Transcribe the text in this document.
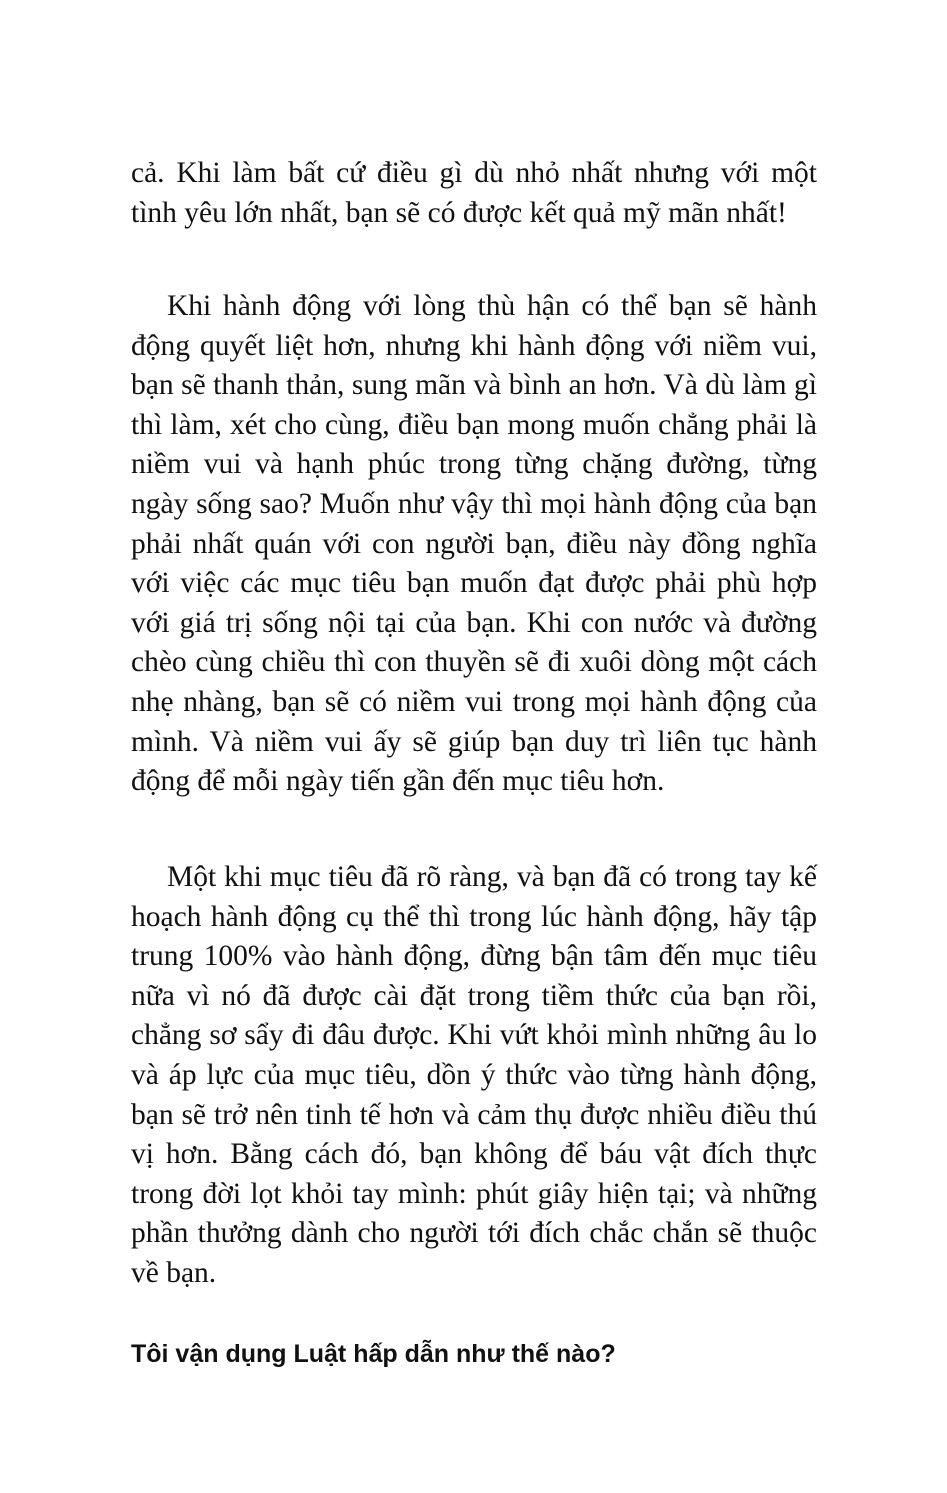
cả. Khi làm bất cứ điều gì dù nhỏ nhất nhưng với một tình yêu lớn nhất, bạn sẽ có được kết quả mỹ mãn nhất!

Khi hành động với lòng thù hận có thể bạn sẽ hành động quyết liệt hơn, nhưng khi hành động với niềm vui, bạn sẽ thanh thản, sung mãn và bình an hơn. Và dù làm gì thì làm, xét cho cùng, điều bạn mong muốn chẳng phải là niềm vui và hạnh phúc trong từng chặng đường, từng ngày sống sao? Muốn như vậy thì mọi hành động của bạn phải nhất quán với con người bạn, điều này đồng nghĩa với việc các mục tiêu bạn muốn đạt được phải phù hợp với giá trị sống nội tại của bạn. Khi con nước và đường chèo cùng chiều thì con thuyền sẽ đi xuôi dòng một cách nhẹ nhàng, bạn sẽ có niềm vui trong mọi hành động của mình. Và niềm vui ấy sẽ giúp bạn duy trì liên tục hành động để mỗi ngày tiến gần đến mục tiêu hơn.

Một khi mục tiêu đã rõ ràng, và bạn đã có trong tay kế hoạch hành động cụ thể thì trong lúc hành động, hãy tập trung 100% vào hành động, đừng bận tâm đến mục tiêu nữa vì nó đã được cài đặt trong tiềm thức của bạn rồi, chẳng sơ sẩy đi đâu được. Khi vứt khỏi mình những âu lo và áp lực của mục tiêu, dồn ý thức vào từng hành động, bạn sẽ trở nên tinh tế hơn và cảm thụ được nhiều điều thú vị hơn. Bằng cách đó, bạn không để báu vật đích thực trong đời lọt khỏi tay mình: phút giây hiện tại; và những phần thưởng dành cho người tới đích chắc chắn sẽ thuộc về bạn.

Tôi vận dụng Luật hấp dẫn như thế nào?
